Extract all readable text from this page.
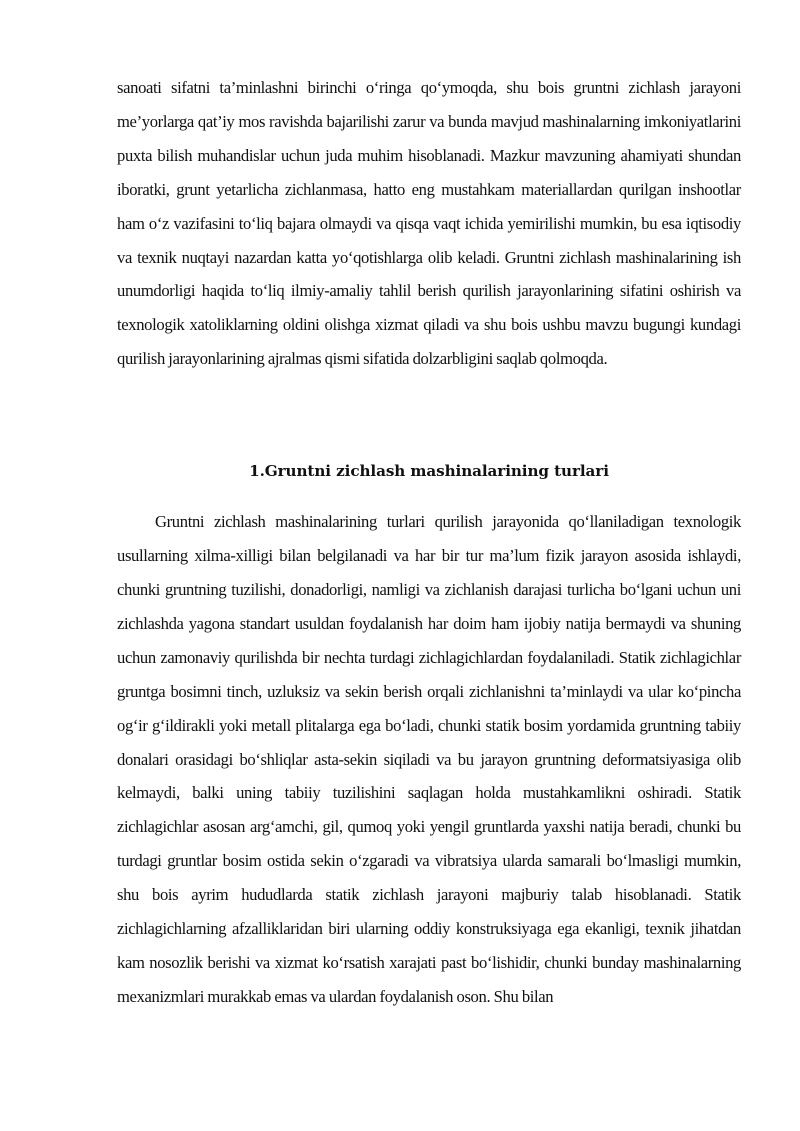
sanoati sifatni ta’minlashni birinchi o‘ringa qo‘ymoqda, shu bois gruntni zichlash jarayoni me’yorlarga qat’iy mos ravishda bajarilishi zarur va bunda mavjud mashinalarning imkoniyatlarini puxta bilish muhandislar uchun juda muhim hisoblanadi. Mazkur mavzuning ahamiyati shundan iboratki, grunt yetarlicha zichlanmasa, hatto eng mustahkam materiallardan qurilgan inshootlar ham o‘z vazifasini to‘liq bajara olmaydi va qisqa vaqt ichida yemirilishi mumkin, bu esa iqtisodiy va texnik nuqtayi nazardan katta yo‘qotishlarga olib keladi. Gruntni zichlash mashinalarining ish unumdorligi haqida to‘liq ilmiy-amaliy tahlil berish qurilish jarayonlarining sifatini oshirish va texnologik xatoliklarning oldini olishga xizmat qiladi va shu bois ushbu mavzu bugungi kundagi qurilish jarayonlarining ajralmas qismi sifatida dolzarbligini saqlab qolmoqda.

1.Gruntni zichlash mashinalarining turlari

Gruntni zichlash mashinalarining turlari qurilish jarayonida qo‘llaniladigan texnologik usullarning xilma-xilligi bilan belgilanadi va har bir tur ma’lum fizik jarayon asosida ishlaydi, chunki gruntning tuzilishi, donadorligi, namligi va zichlanish darajasi turlicha bo‘lgani uchun uni zichlashda yagona standart usuldan foydalanish har doim ham ijobiy natija bermaydi va shuning uchun zamonaviy qurilishda bir nechta turdagi zichlagichlardan foydalaniladi. Statik zichlagichlar gruntga bosimni tinch, uzluksiz va sekin berish orqali zichlanishni ta’minlaydi va ular ko‘pincha og‘ir g‘ildirakli yoki metall plitalarga ega bo‘ladi, chunki statik bosim yordamida gruntning tabiiy donalari orasidagi bo‘shliqlar asta-sekin siqiladi va bu jarayon gruntning deformatsiyasiga olib kelmaydi, balki uning tabiiy tuzilishini saqlagan holda mustahkamlikni oshiradi. Statik zichlagichlar asosan arg‘amchi, gil, qumoq yoki yengil gruntlarda yaxshi natija beradi, chunki bu turdagi gruntlar bosim ostida sekin o‘zgaradi va vibratsiya ularda samarali bo‘lmasligi mumkin, shu bois ayrim hududlarda statik zichlash jarayoni majburiy talab hisoblanadi. Statik zichlagichlarning afzalliklaridan biri ularning oddiy konstruksiyaga ega ekanligi, texnik jihatdan kam nosozlik berishi va xizmat ko‘rsatish xarajati past bo‘lishidir, chunki bunday mashinalarning mexanizmlari murakkab emas va ulardan foydalanish oson. Shu bilan
